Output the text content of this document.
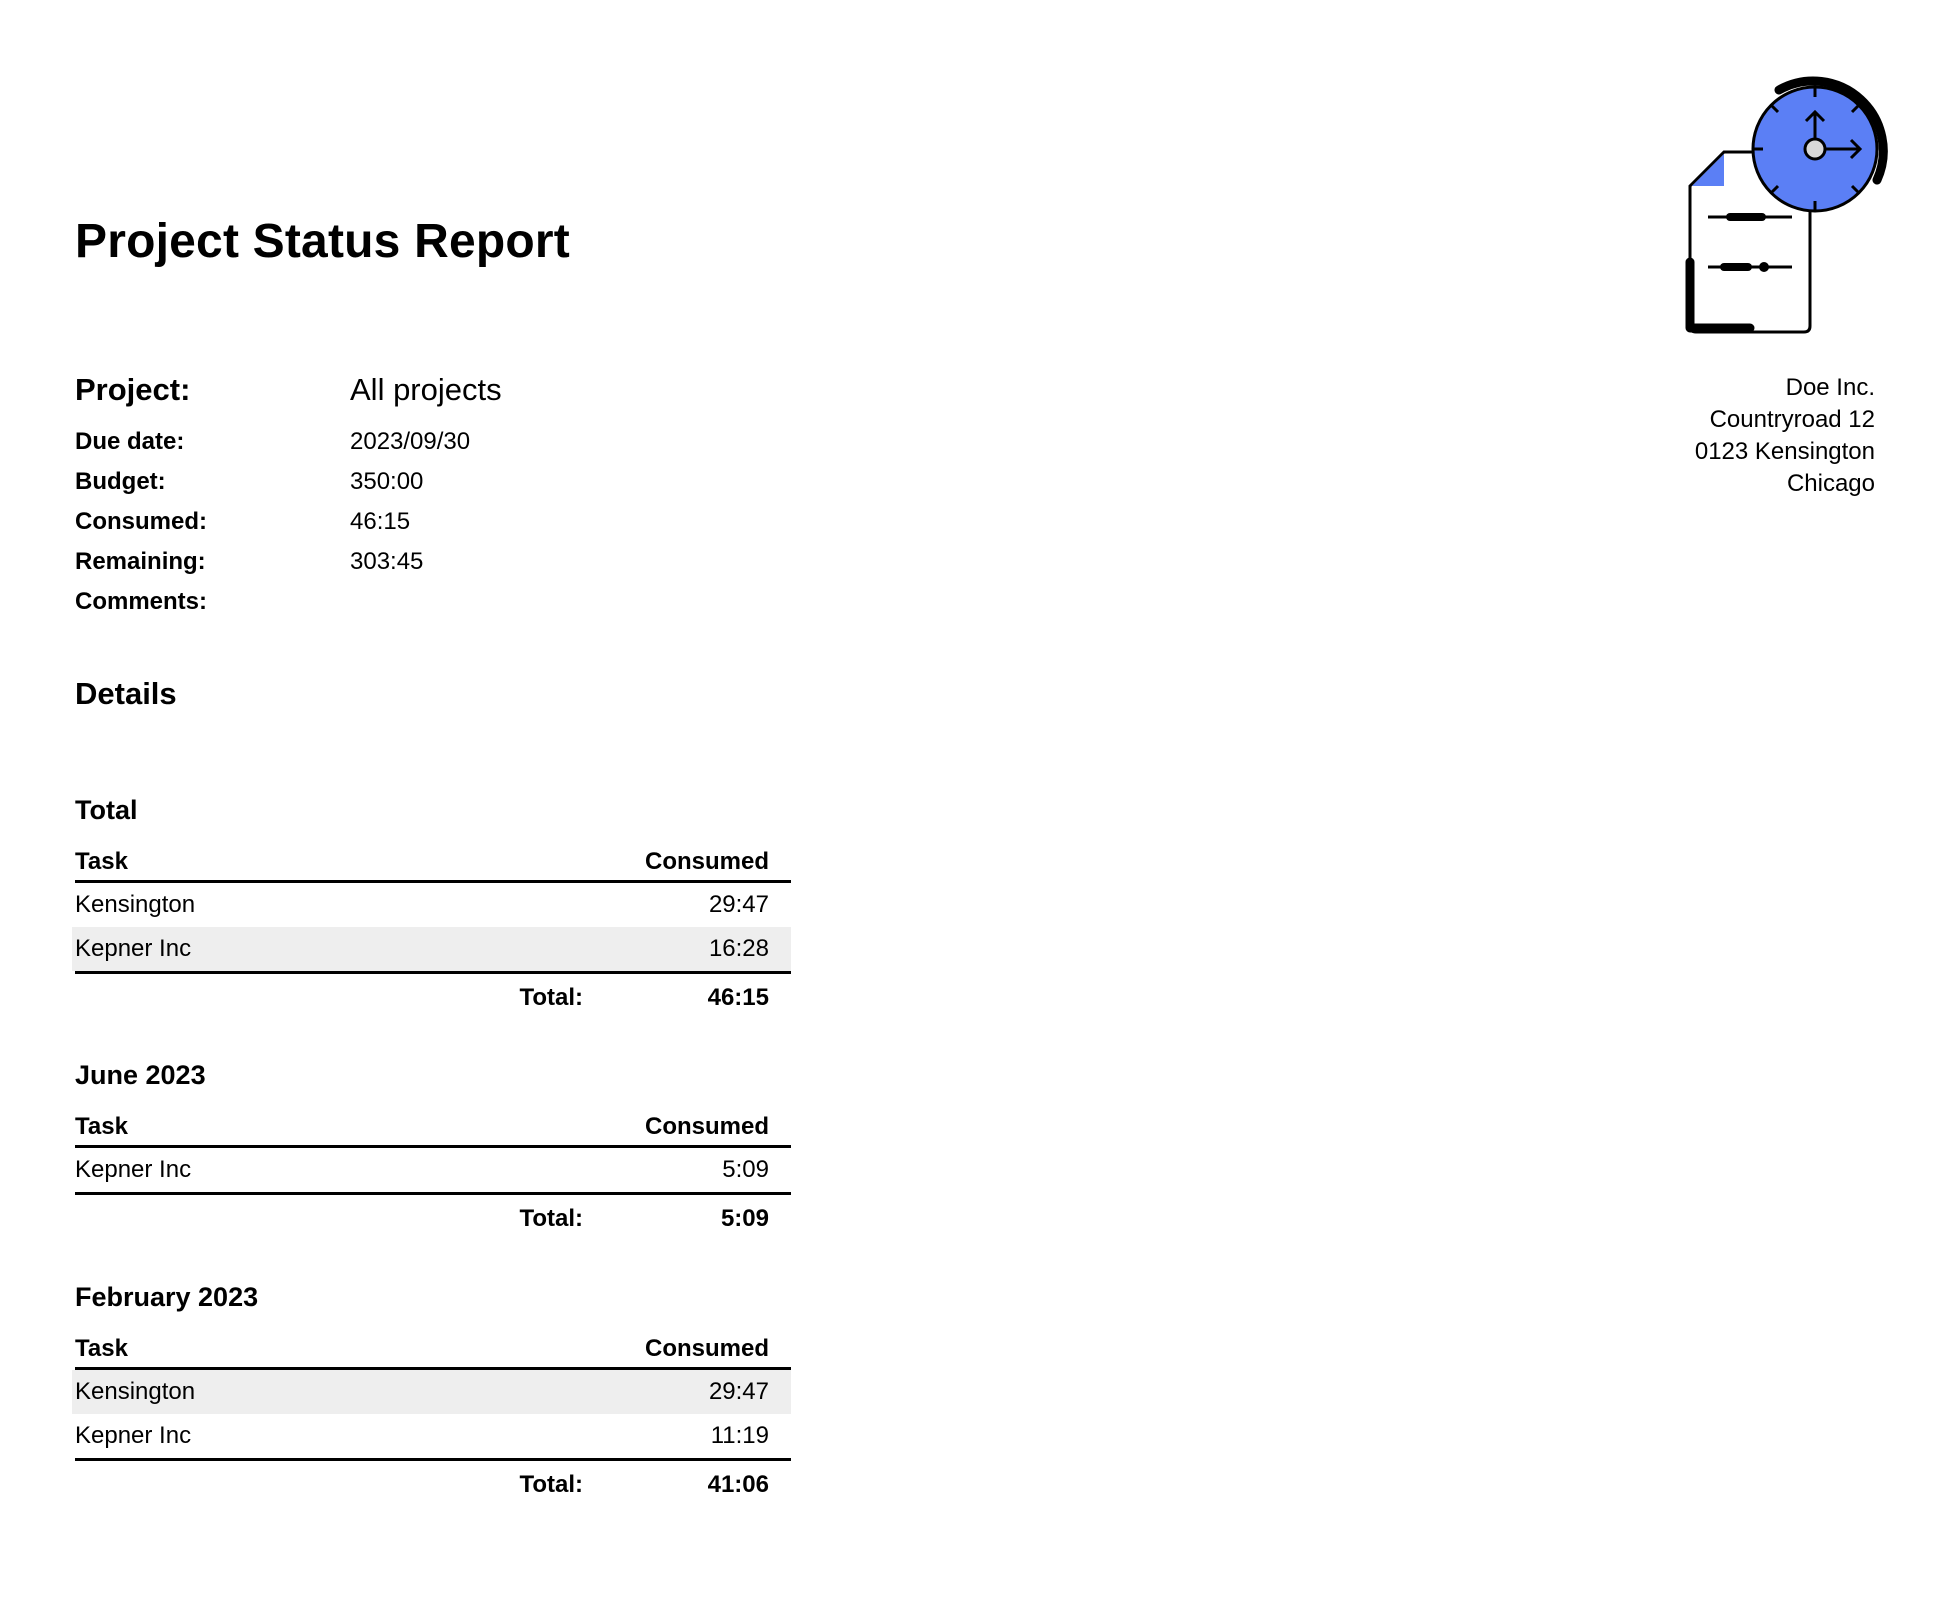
Project Status Report
Doe Inc.
Countryroad 12
0123 Kensington
Chicago
Project:	All projects
Due date:	2023/09/30
Budget:	350:00
Consumed:	46:15
Remaining:	303:45
Comments:
Details
Total
Task	Consumed
Kensington	29:47
Kepner Inc	16:28
Total:	46:15
June 2023
Task	Consumed
Kepner Inc	5:09
Total:	5:09
February 2023
Task	Consumed
Kensington	29:47
Kepner Inc	11:19
Total:	41:06
